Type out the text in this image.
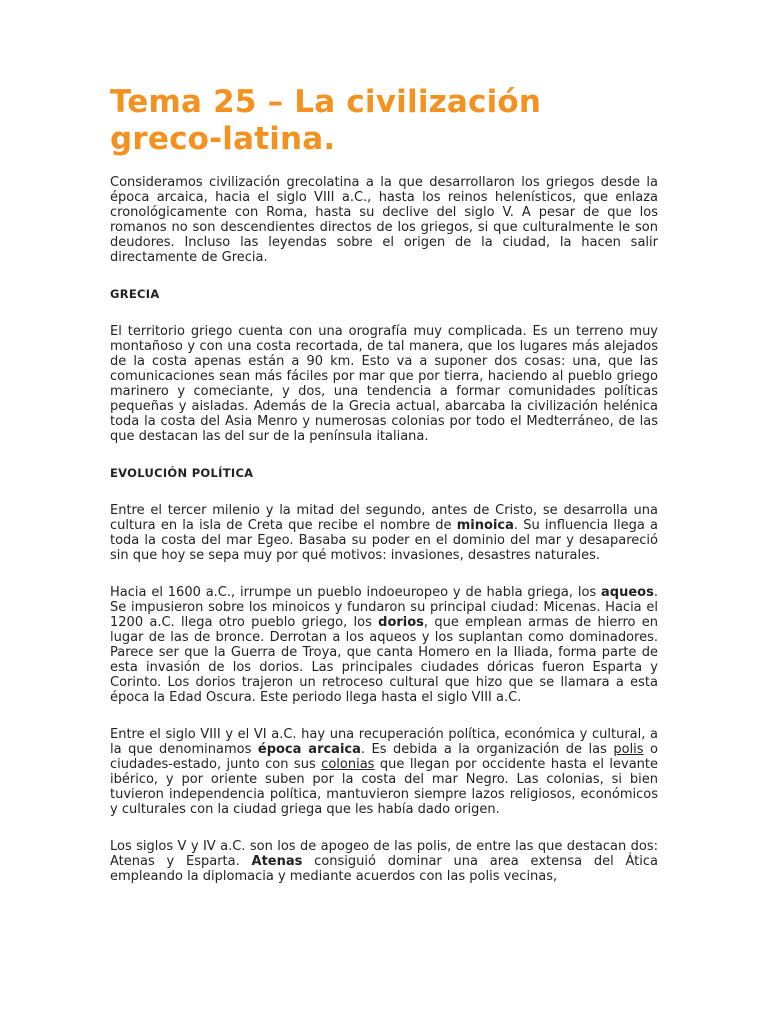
Tema 25 – La civilización greco-latina.

Consideramos civilización grecolatina a la que desarrollaron los griegos desde la época arcaica, hacia el siglo VIII a.C., hasta los reinos helenísticos, que enlaza cronológicamente con Roma, hasta su declive del siglo V. A pesar de que los romanos no son descendientes directos de los griegos, si que culturalmente le son deudores. Incluso las leyendas sobre el origen de la ciudad, la hacen salir directamente de Grecia.

GRECIA

El territorio griego cuenta con una orografía muy complicada. Es un terreno muy montañoso y con una costa recortada, de tal manera, que los lugares más alejados de la costa apenas están a 90 km. Esto va a suponer dos cosas: una, que las comunicaciones sean más fáciles por mar que por tierra, haciendo al pueblo griego marinero y comeciante, y dos, una tendencia a formar comunidades políticas pequeñas y aisladas. Además de la Grecia actual, abarcaba la civilización helénica toda la costa del Asia Menro y numerosas colonias por todo el Medterráneo, de las que destacan las del sur de la península italiana.

EVOLUCIÓN POLÍTICA

Entre el tercer milenio y la mitad del segundo, antes de Cristo, se desarrolla una cultura en la isla de Creta que recibe el nombre de minoica. Su influencia llega a toda la costa del mar Egeo. Basaba su poder en el dominio del mar y desapareció sin que hoy se sepa muy por qué motivos: invasiones, desastres naturales.

Hacia el 1600 a.C., irrumpe un pueblo indoeuropeo y de habla griega, los aqueos. Se impusieron sobre los minoicos y fundaron su principal ciudad: Micenas. Hacia el 1200 a.C. llega otro pueblo griego, los dorios, que emplean armas de hierro en lugar de las de bronce. Derrotan a los aqueos y los suplantan como dominadores. Parece ser que la Guerra de Troya, que canta Homero en la Iliada, forma parte de esta invasión de los dorios. Las principales ciudades dóricas fueron Esparta y Corinto. Los dorios trajeron un retroceso cultural que hizo que se llamara a esta época la Edad Oscura. Este periodo llega hasta el siglo VIII a.C.

Entre el siglo VIII y el VI a.C. hay una recuperación política, económica y cultural, a la que denominamos época arcaica. Es debida a la organización de las polis o ciudades-estado, junto con sus colonias que llegan por occidente hasta el levante ibérico, y por oriente suben por la costa del mar Negro. Las colonias, si bien tuvieron independencia política, mantuvieron siempre lazos religiosos, económicos y culturales con la ciudad griega que les había dado origen.

Los siglos V y IV a.C. son los de apogeo de las polis, de entre las que destacan dos: Atenas y Esparta. Atenas consiguió dominar una area extensa del Ática empleando la diplomacia y mediante acuerdos con las polis vecinas,
